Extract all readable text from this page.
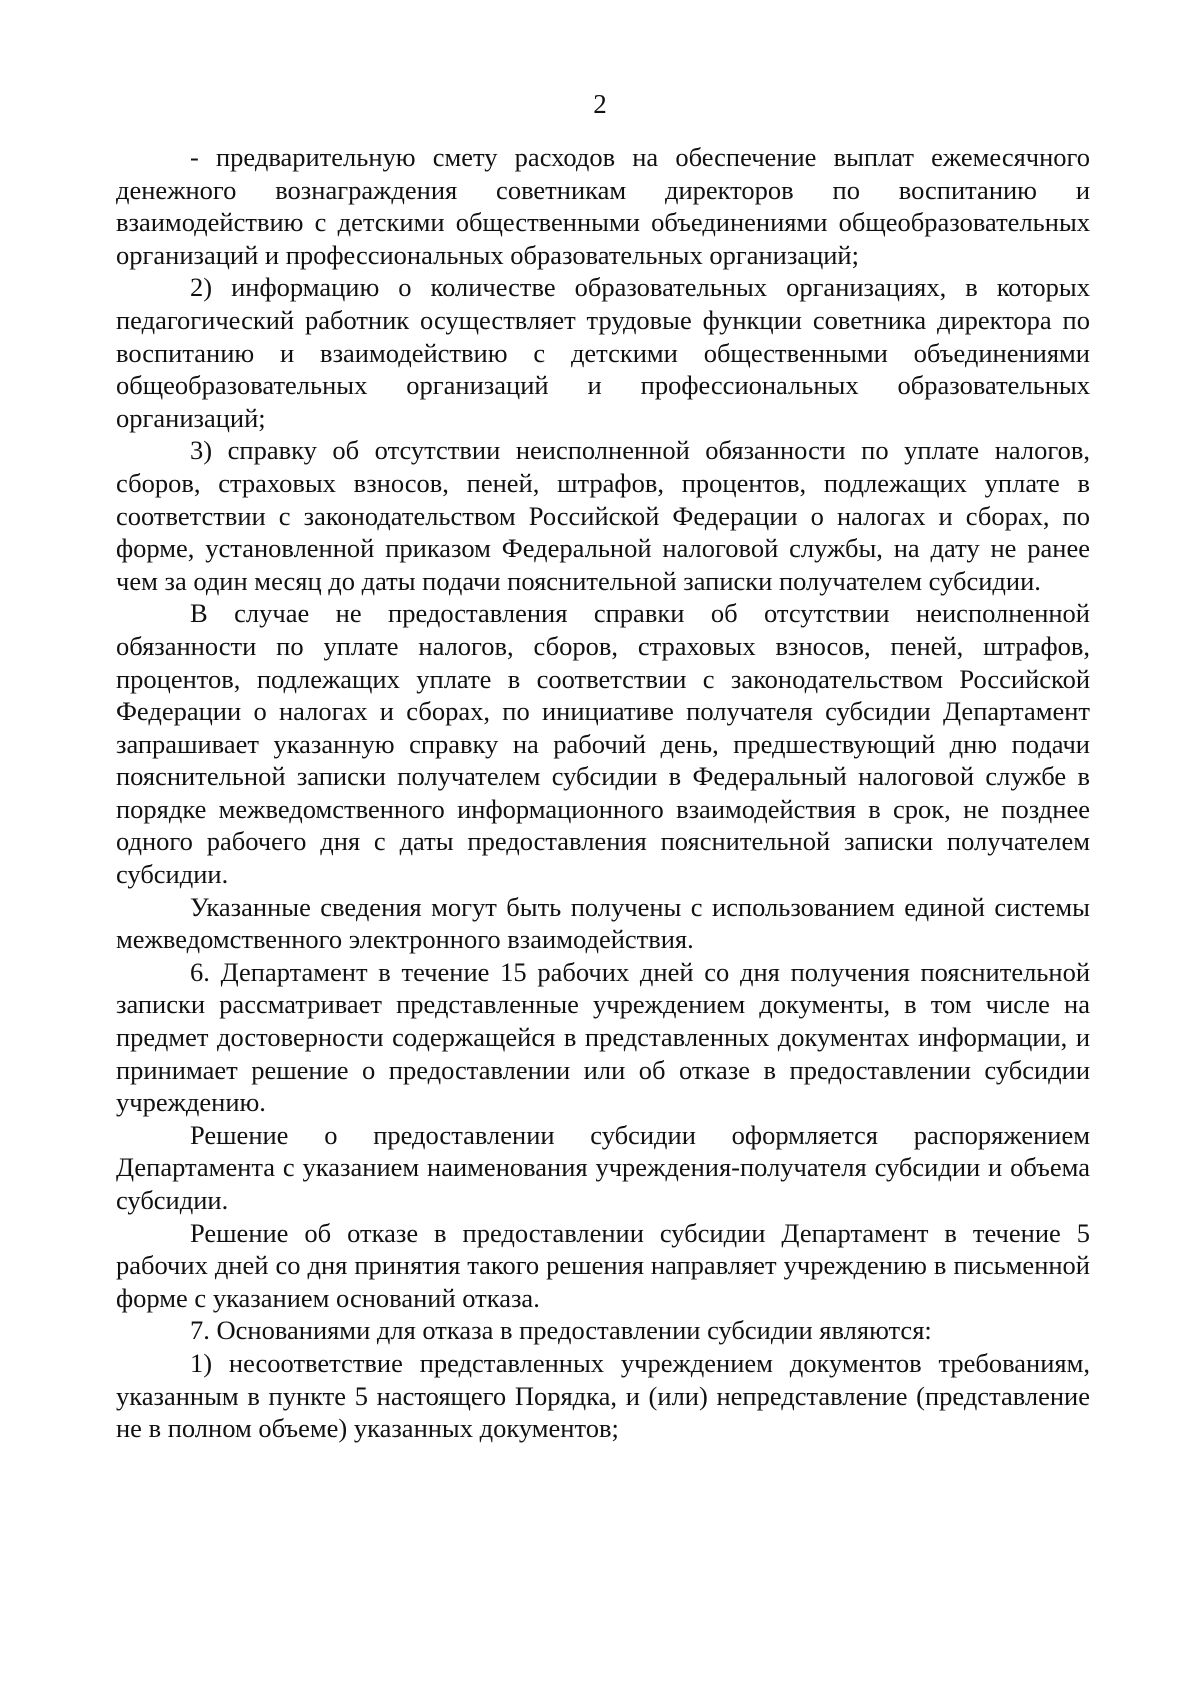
2

- предварительную смету расходов на обеспечение выплат ежемесячного денежного вознаграждения советникам директоров по воспитанию и взаимодействию с детскими общественными объединениями общеобразовательных организаций и профессиональных образовательных организаций;

2) информацию о количестве образовательных организациях, в которых педагогический работник осуществляет трудовые функции советника директора по воспитанию и взаимодействию с детскими общественными объединениями общеобразовательных организаций и профессиональных образовательных организаций;

3) справку об отсутствии неисполненной обязанности по уплате налогов, сборов, страховых взносов, пеней, штрафов, процентов, подлежащих уплате в соответствии с законодательством Российской Федерации о налогах и сборах, по форме, установленной приказом Федеральной налоговой службы, на дату не ранее чем за один месяц до даты подачи пояснительной записки получателем субсидии.

В случае не предоставления справки об отсутствии неисполненной обязанности по уплате налогов, сборов, страховых взносов, пеней, штрафов, процентов, подлежащих уплате в соответствии с законодательством Российской Федерации о налогах и сборах, по инициативе получателя субсидии Департамент запрашивает указанную справку на рабочий день, предшествующий дню подачи пояснительной записки получателем субсидии в Федеральный налоговой службе в порядке межведомственного информационного взаимодействия в срок, не позднее одного рабочего дня с даты предоставления пояснительной записки получателем субсидии.

Указанные сведения могут быть получены с использованием единой системы межведомственного электронного взаимодействия.

6. Департамент в течение 15 рабочих дней со дня получения пояснительной записки рассматривает представленные учреждением документы, в том числе на предмет достоверности содержащейся в представленных документах информации, и принимает решение о предоставлении или об отказе в предоставлении субсидии учреждению.

Решение о предоставлении субсидии оформляется распоряжением Департамента с указанием наименования учреждения-получателя субсидии и объема субсидии.

Решение об отказе в предоставлении субсидии Департамент в течение 5 рабочих дней со дня принятия такого решения направляет учреждению в письменной форме с указанием оснований отказа.

7. Основаниями для отказа в предоставлении субсидии являются:

1) несоответствие представленных учреждением документов требованиям, указанным в пункте 5 настоящего Порядка, и (или) непредставление (представление не в полном объеме) указанных документов;
